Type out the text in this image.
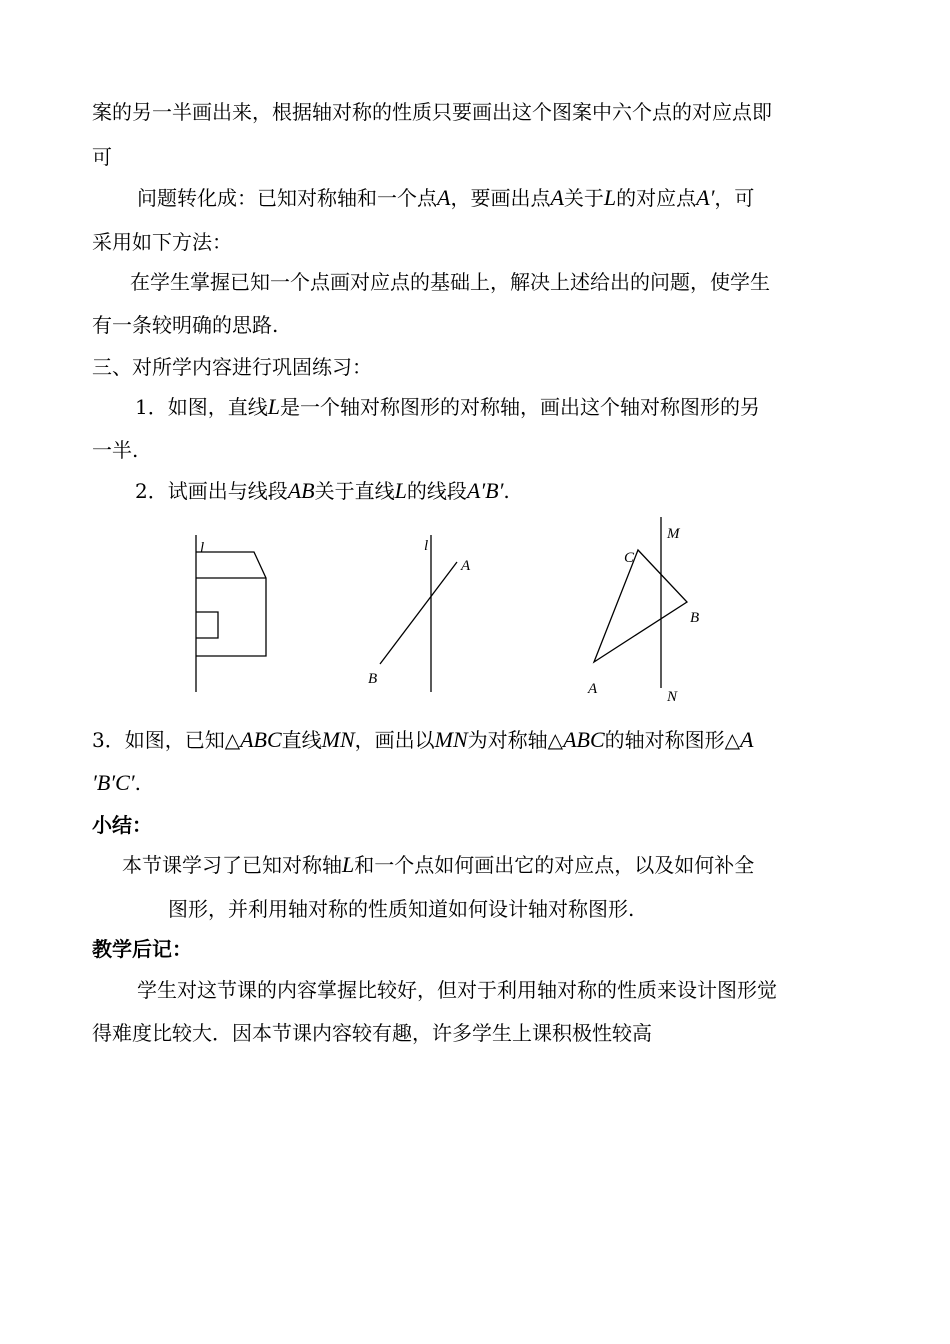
案的另一半画出来，根据轴对称的性质只要画出这个图案中六个点的对应点即
可
问题转化成：已知对称轴和一个点A，要画出点A关于L的对应点A′，可
采用如下方法：
在学生掌握已知一个点画对应点的基础上，解决上述给出的问题，使学生
有一条较明确的思路.
三、对所学内容进行巩固练习：
1．如图，直线L是一个轴对称图形的对称轴，画出这个轴对称图形的另
一半.
2．试画出与线段AB关于直线L的线段A′B′.
l	l
A
B
M
C
B
A	N
3．如图，已知△ABC直线MN，画出以MN为对称轴△ABC的轴对称图形△A
′B′C′.
小结：
本节课学习了已知对称轴L和一个点如何画出它的对应点，以及如何补全
图形，并利用轴对称的性质知道如何设计轴对称图形.
教学后记：
学生对这节课的内容掌握比较好，但对于利用轴对称的性质来设计图形觉
得难度比较大．因本节课内容较有趣，许多学生上课积极性较高
